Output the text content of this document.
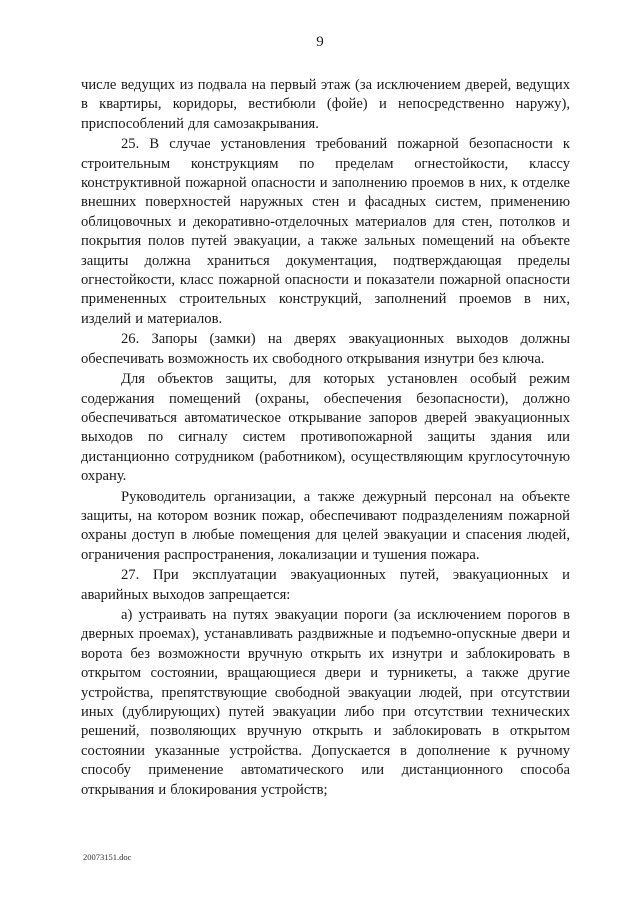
9

числе ведущих из подвала на первый этаж (за исключением дверей, ведущих в квартиры, коридоры, вестибюли (фойе) и непосредственно наружу), приспособлений для самозакрывания.

25. В случае установления требований пожарной безопасности к строительным конструкциям по пределам огнестойкости, классу конструктивной пожарной опасности и заполнению проемов в них, к отделке внешних поверхностей наружных стен и фасадных систем, применению облицовочных и декоративно-отделочных материалов для стен, потолков и покрытия полов путей эвакуации, а также зальных помещений на объекте защиты должна храниться документация, подтверждающая пределы огнестойкости, класс пожарной опасности и показатели пожарной опасности примененных строительных конструкций, заполнений проемов в них, изделий и материалов.

26. Запоры (замки) на дверях эвакуационных выходов должны обеспечивать возможность их свободного открывания изнутри без ключа.

Для объектов защиты, для которых установлен особый режим содержания помещений (охраны, обеспечения безопасности), должно обеспечиваться автоматическое открывание запоров дверей эвакуационных выходов по сигналу систем противопожарной защиты здания или дистанционно сотрудником (работником), осуществляющим круглосуточную охрану.

Руководитель организации, а также дежурный персонал на объекте защиты, на котором возник пожар, обеспечивают подразделениям пожарной охраны доступ в любые помещения для целей эвакуации и спасения людей, ограничения распространения, локализации и тушения пожара.

27. При эксплуатации эвакуационных путей, эвакуационных и аварийных выходов запрещается:

а) устраивать на путях эвакуации пороги (за исключением порогов в дверных проемах), устанавливать раздвижные и подъемно-опускные двери и ворота без возможности вручную открыть их изнутри и заблокировать в открытом состоянии, вращающиеся двери и турникеты, а также другие устройства, препятствующие свободной эвакуации людей, при отсутствии иных (дублирующих) путей эвакуации либо при отсутствии технических решений, позволяющих вручную открыть и заблокировать в открытом состоянии указанные устройства. Допускается в дополнение к ручному способу применение автоматического или дистанционного способа открывания и блокирования устройств;

20073151.doc
